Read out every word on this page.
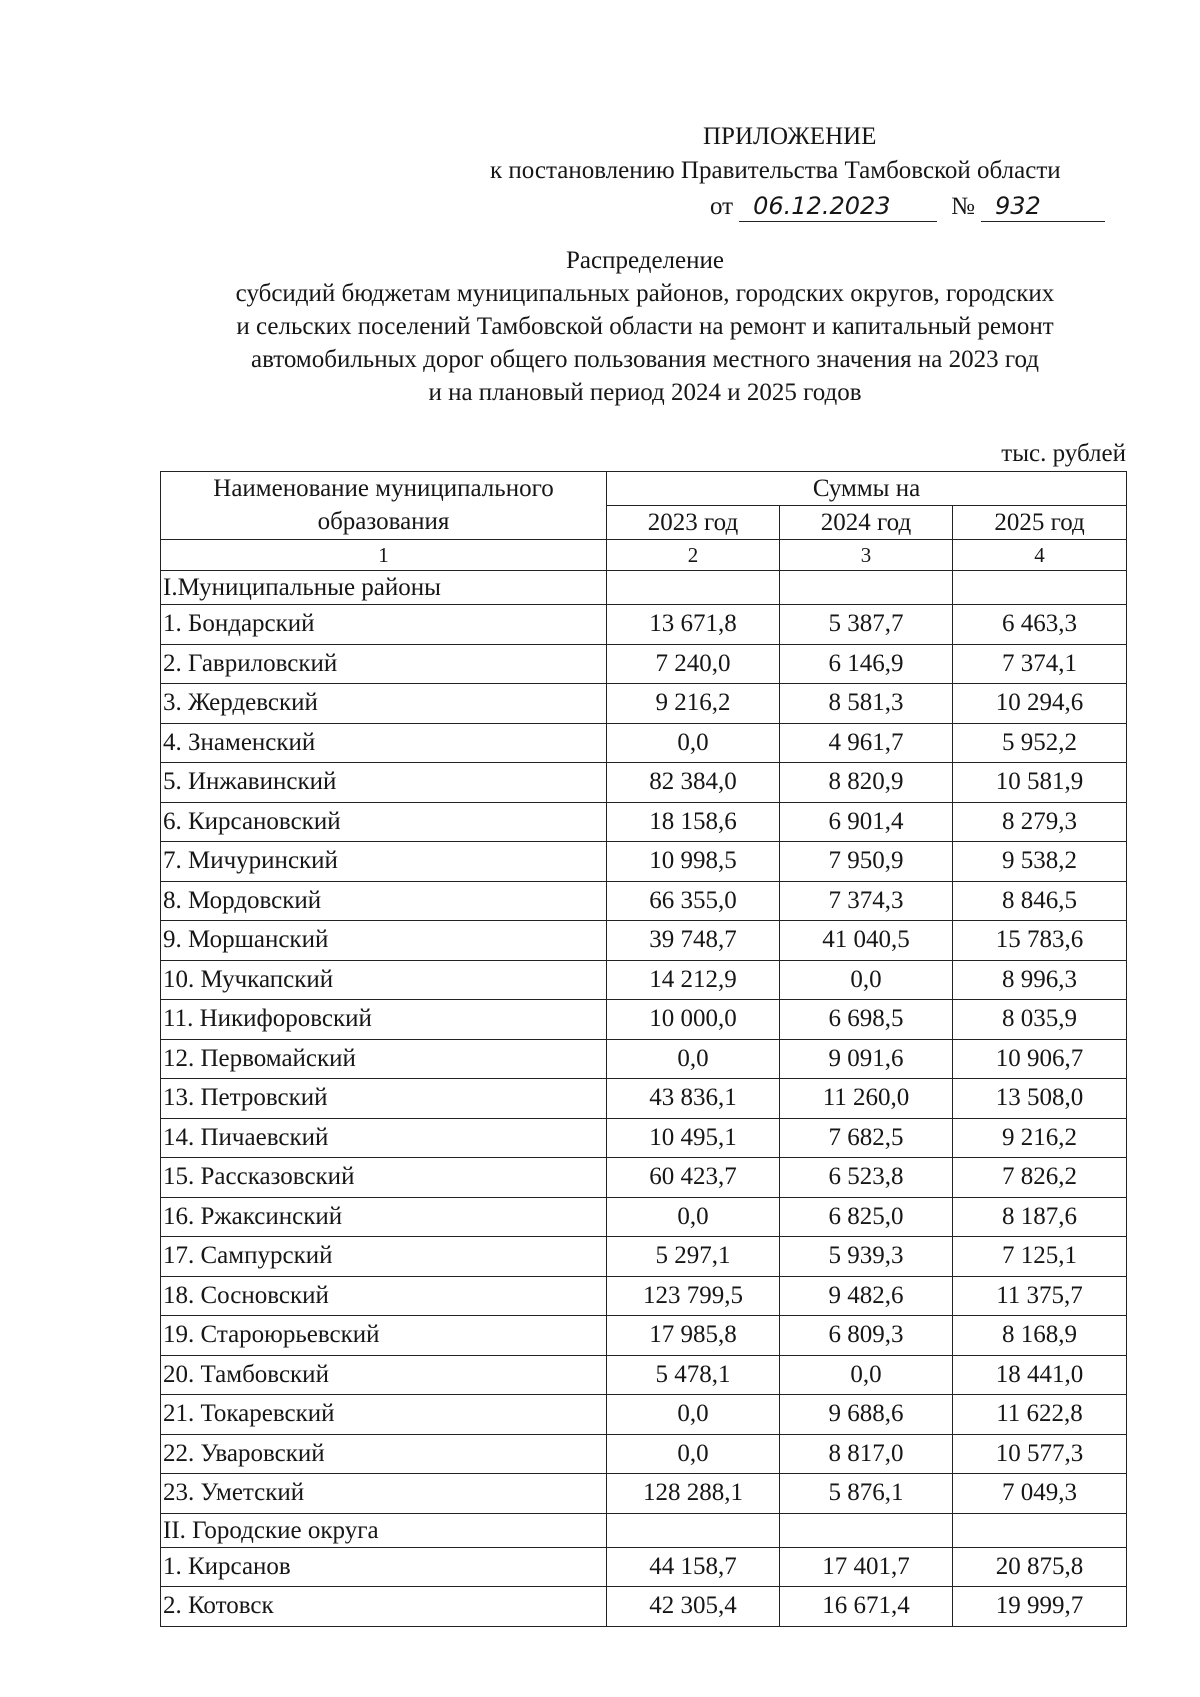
ПРИЛОЖЕНИЕ
к постановлению Правительства Тамбовской области
от 06.12.2023 № 932
Распределение
субсидий бюджетам муниципальных районов, городских округов, городских
и сельских поселений Тамбовской области на ремонт и капитальный ремонт
автомобильных дорог общего пользования местного значения на 2023 год
и на плановый период 2024 и 2025 годов
тыс. рублей
Наименование муниципального образования	Суммы на		
	2023 год	2024 год	2025 год
1	2	3	4
I.Муниципальные районы			
1. Бондарский	13 671,8	5 387,7	6 463,3
2. Гавриловский	7 240,0	6 146,9	7 374,1
3. Жердевский	9 216,2	8 581,3	10 294,6
4. Знаменский	0,0	4 961,7	5 952,2
5. Инжавинский	82 384,0	8 820,9	10 581,9
6. Кирсановский	18 158,6	6 901,4	8 279,3
7. Мичуринский	10 998,5	7 950,9	9 538,2
8. Мордовский	66 355,0	7 374,3	8 846,5
9. Моршанский	39 748,7	41 040,5	15 783,6
10. Мучкапский	14 212,9	0,0	8 996,3
11. Никифоровский	10 000,0	6 698,5	8 035,9
12. Первомайский	0,0	9 091,6	10 906,7
13. Петровский	43 836,1	11 260,0	13 508,0
14. Пичаевский	10 495,1	7 682,5	9 216,2
15. Рассказовский	60 423,7	6 523,8	7 826,2
16. Ржаксинский	0,0	6 825,0	8 187,6
17. Сампурский	5 297,1	5 939,3	7 125,1
18. Сосновский	123 799,5	9 482,6	11 375,7
19. Староюрьевский	17 985,8	6 809,3	8 168,9
20. Тамбовский	5 478,1	0,0	18 441,0
21. Токаревский	0,0	9 688,6	11 622,8
22. Уваровский	0,0	8 817,0	10 577,3
23. Уметский	128 288,1	5 876,1	7 049,3
II. Городские округа			
1. Кирсанов	44 158,7	17 401,7	20 875,8
2. Котовск	42 305,4	16 671,4	19 999,7
